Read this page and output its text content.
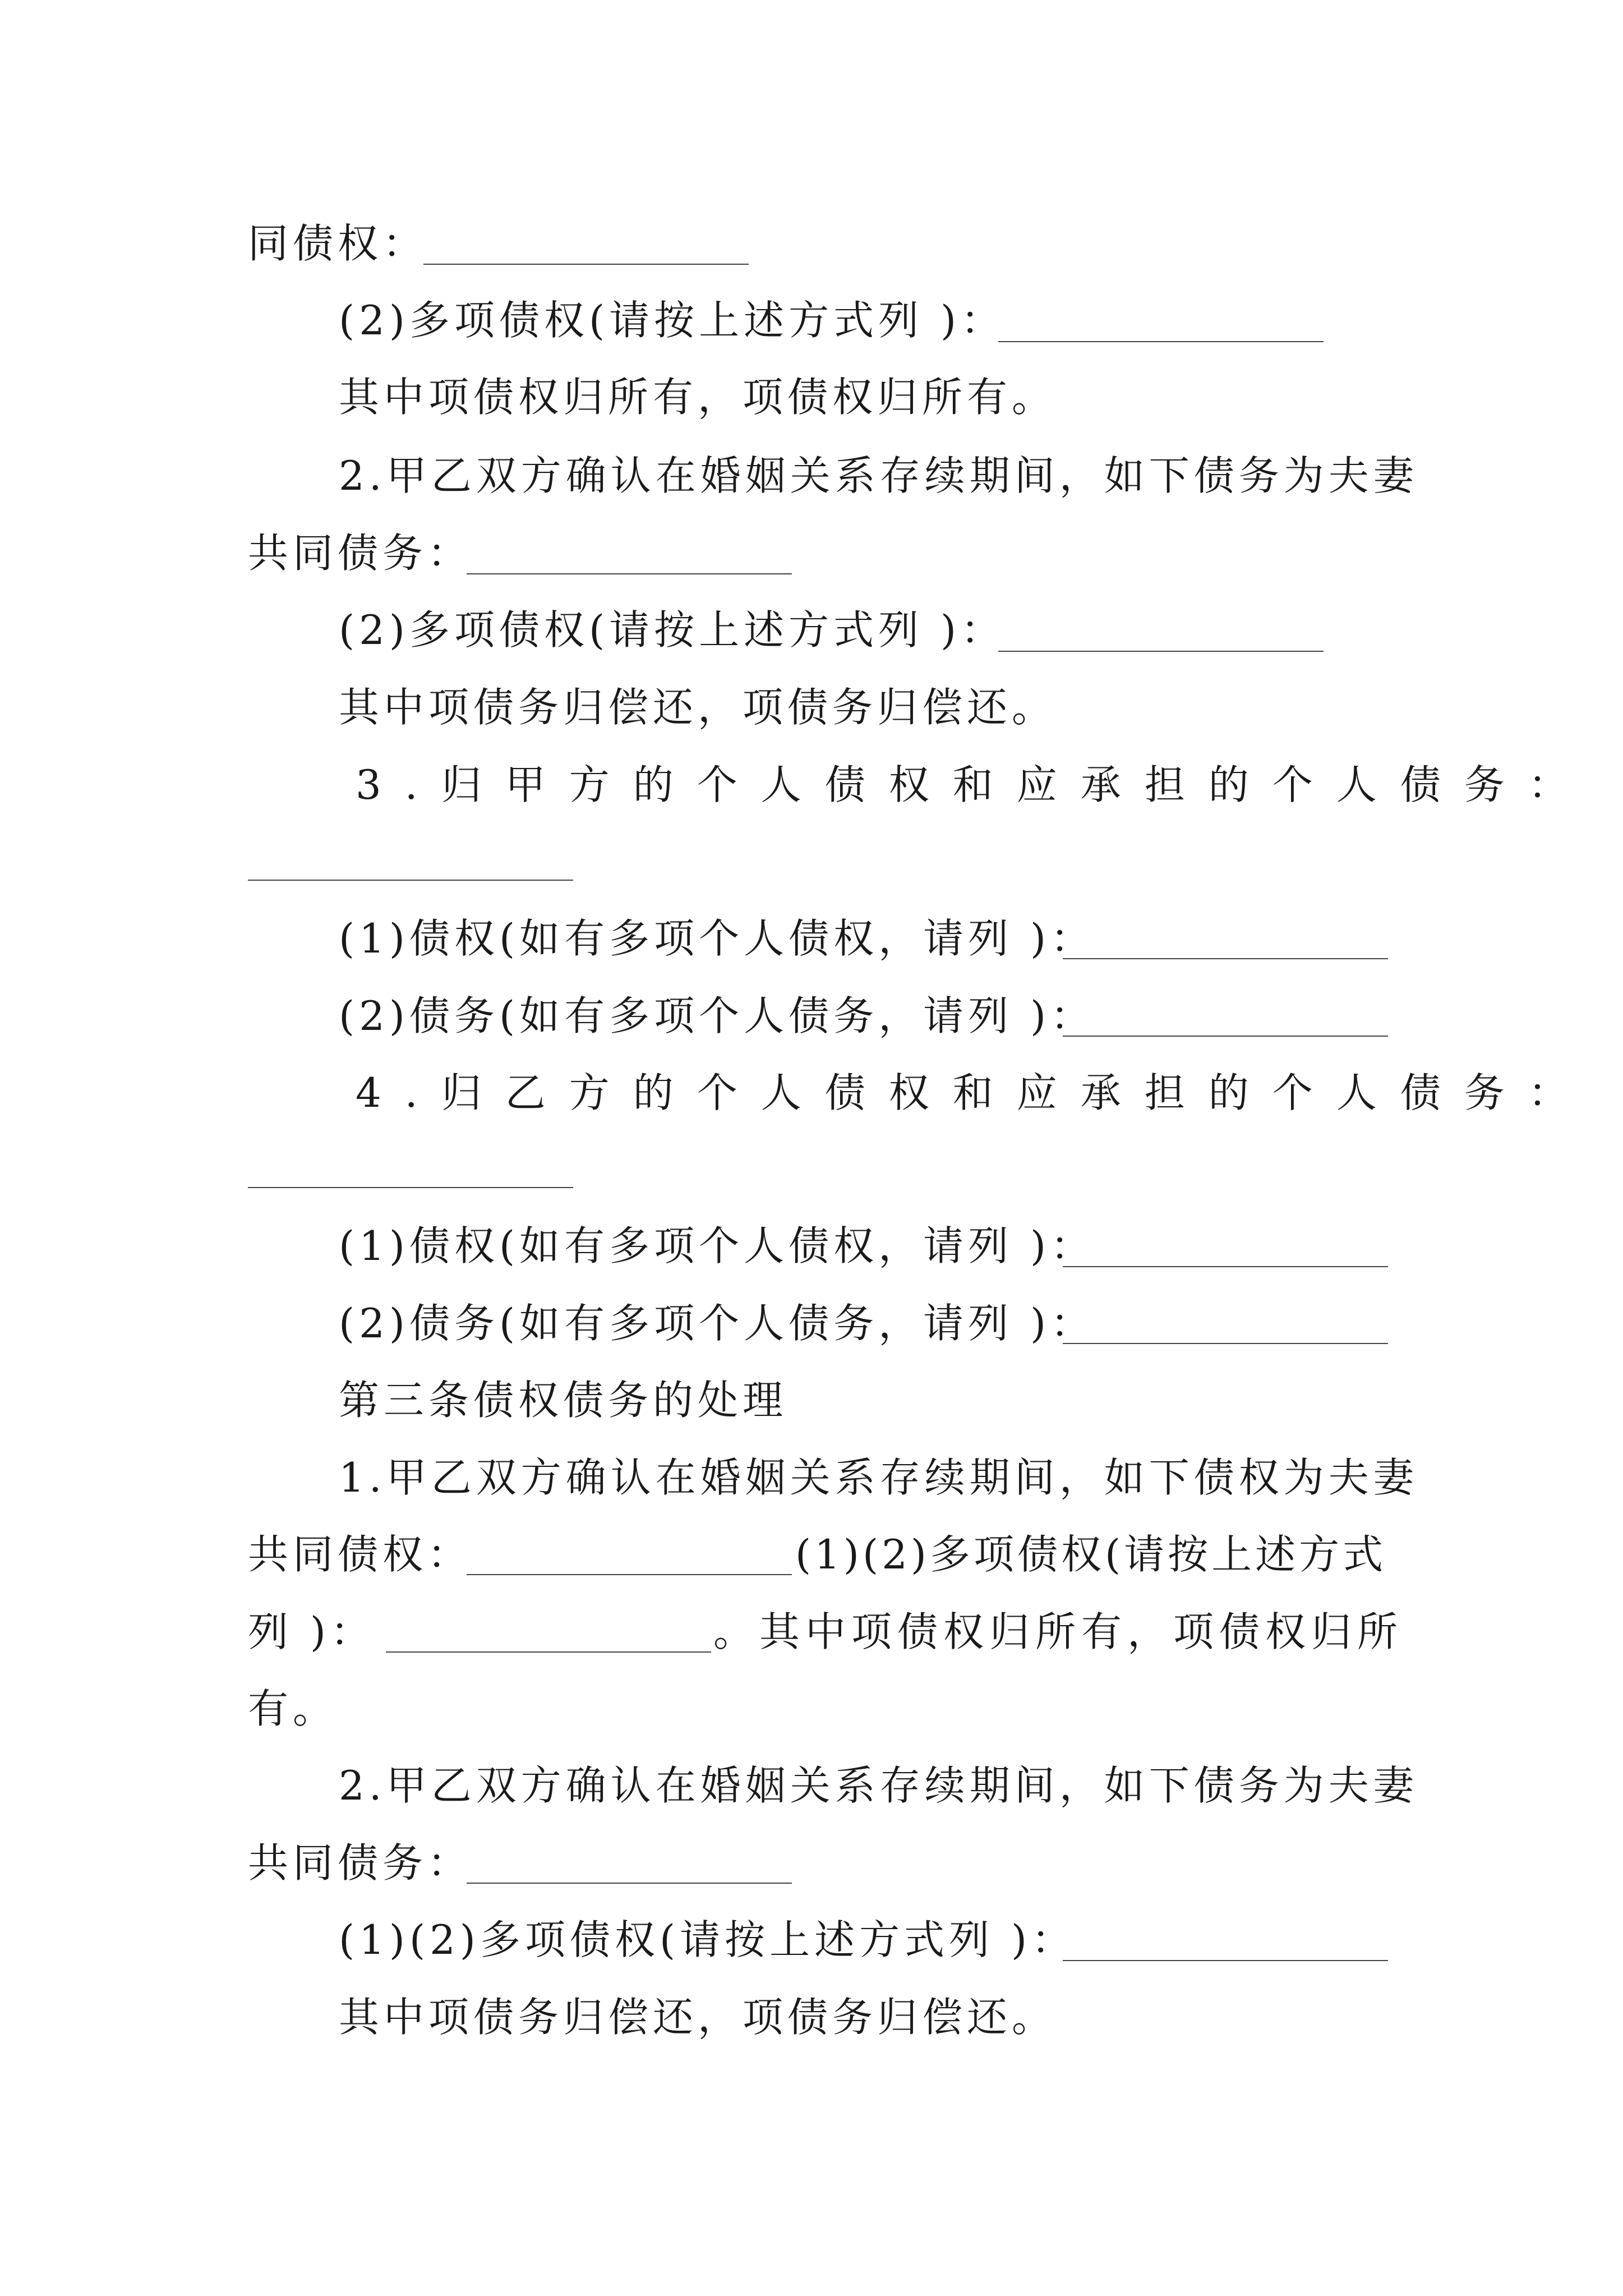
同债权：
(2)多项债权(请按上述方式列 )：
其中项债权归所有，项债权归所有。
2.甲乙双方确认在婚姻关系存续期间，如下债务为夫妻
共同债务：
(2)多项债权(请按上述方式列 )：
其中项债务归偿还，项债务归偿还。
3.归甲方的个人债权和应承担的个人债务：
(1)债权(如有多项个人债权，请列 )：
(2)债务(如有多项个人债务，请列 )：
4.归乙方的个人债权和应承担的个人债务：
(1)债权(如有多项个人债权，请列 )：
(2)债务(如有多项个人债务，请列 )：
第三条债权债务的处理
1.甲乙双方确认在婚姻关系存续期间，如下债权为夫妻
共同债权：	(1)(2)多项债权(请按上述方式
列 )：	。其中项债权归所有，项债权归所
有。
2.甲乙双方确认在婚姻关系存续期间，如下债务为夫妻
共同债务：
(1)(2)多项债权(请按上述方式列 )：
其中项债务归偿还，项债务归偿还。
